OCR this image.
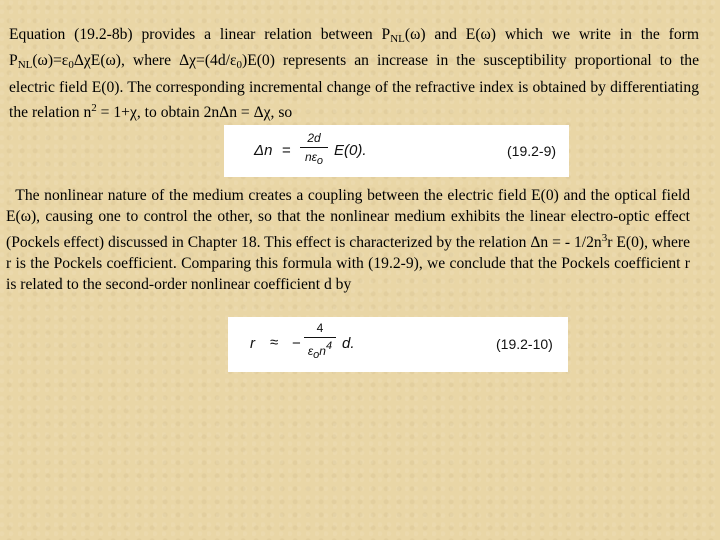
Equation (19.2-8b) provides a linear relation between $P_{NL}(\omega)$ and E(ω) which we write in the form $P_{NL}(\omega)=\varepsilon_0\Delta\chi E(\omega)$, where $\Delta\chi=(4d/\varepsilon_0)E(0)$ represents an increase in the susceptibility proportional to the electric field E(0). The corresponding incremental change of the refractive index is obtained by differentiating the relation $n^2 = 1+\chi$, to obtain 2nΔn = Δχ, so
Δn =
2d
nεo
E(0).	(19.2-9)
The nonlinear nature of the medium creates a coupling between the electric field E(0) and the optical field E(ω), causing one to control the other, so that the nonlinear medium exhibits the linear electro-optic effect (Pockels effect) discussed in Chapter 18. This effect is characterized by the relation Δn = - $1/2n^3r$ E(0), where r is the Pockels coefficient. Comparing this formula with (19.2-9), we conclude that the Pockels coefficient r is related to the second-order nonlinear coefficient d by
r ≈ −
4
εon4 d.	(19.2-10)
